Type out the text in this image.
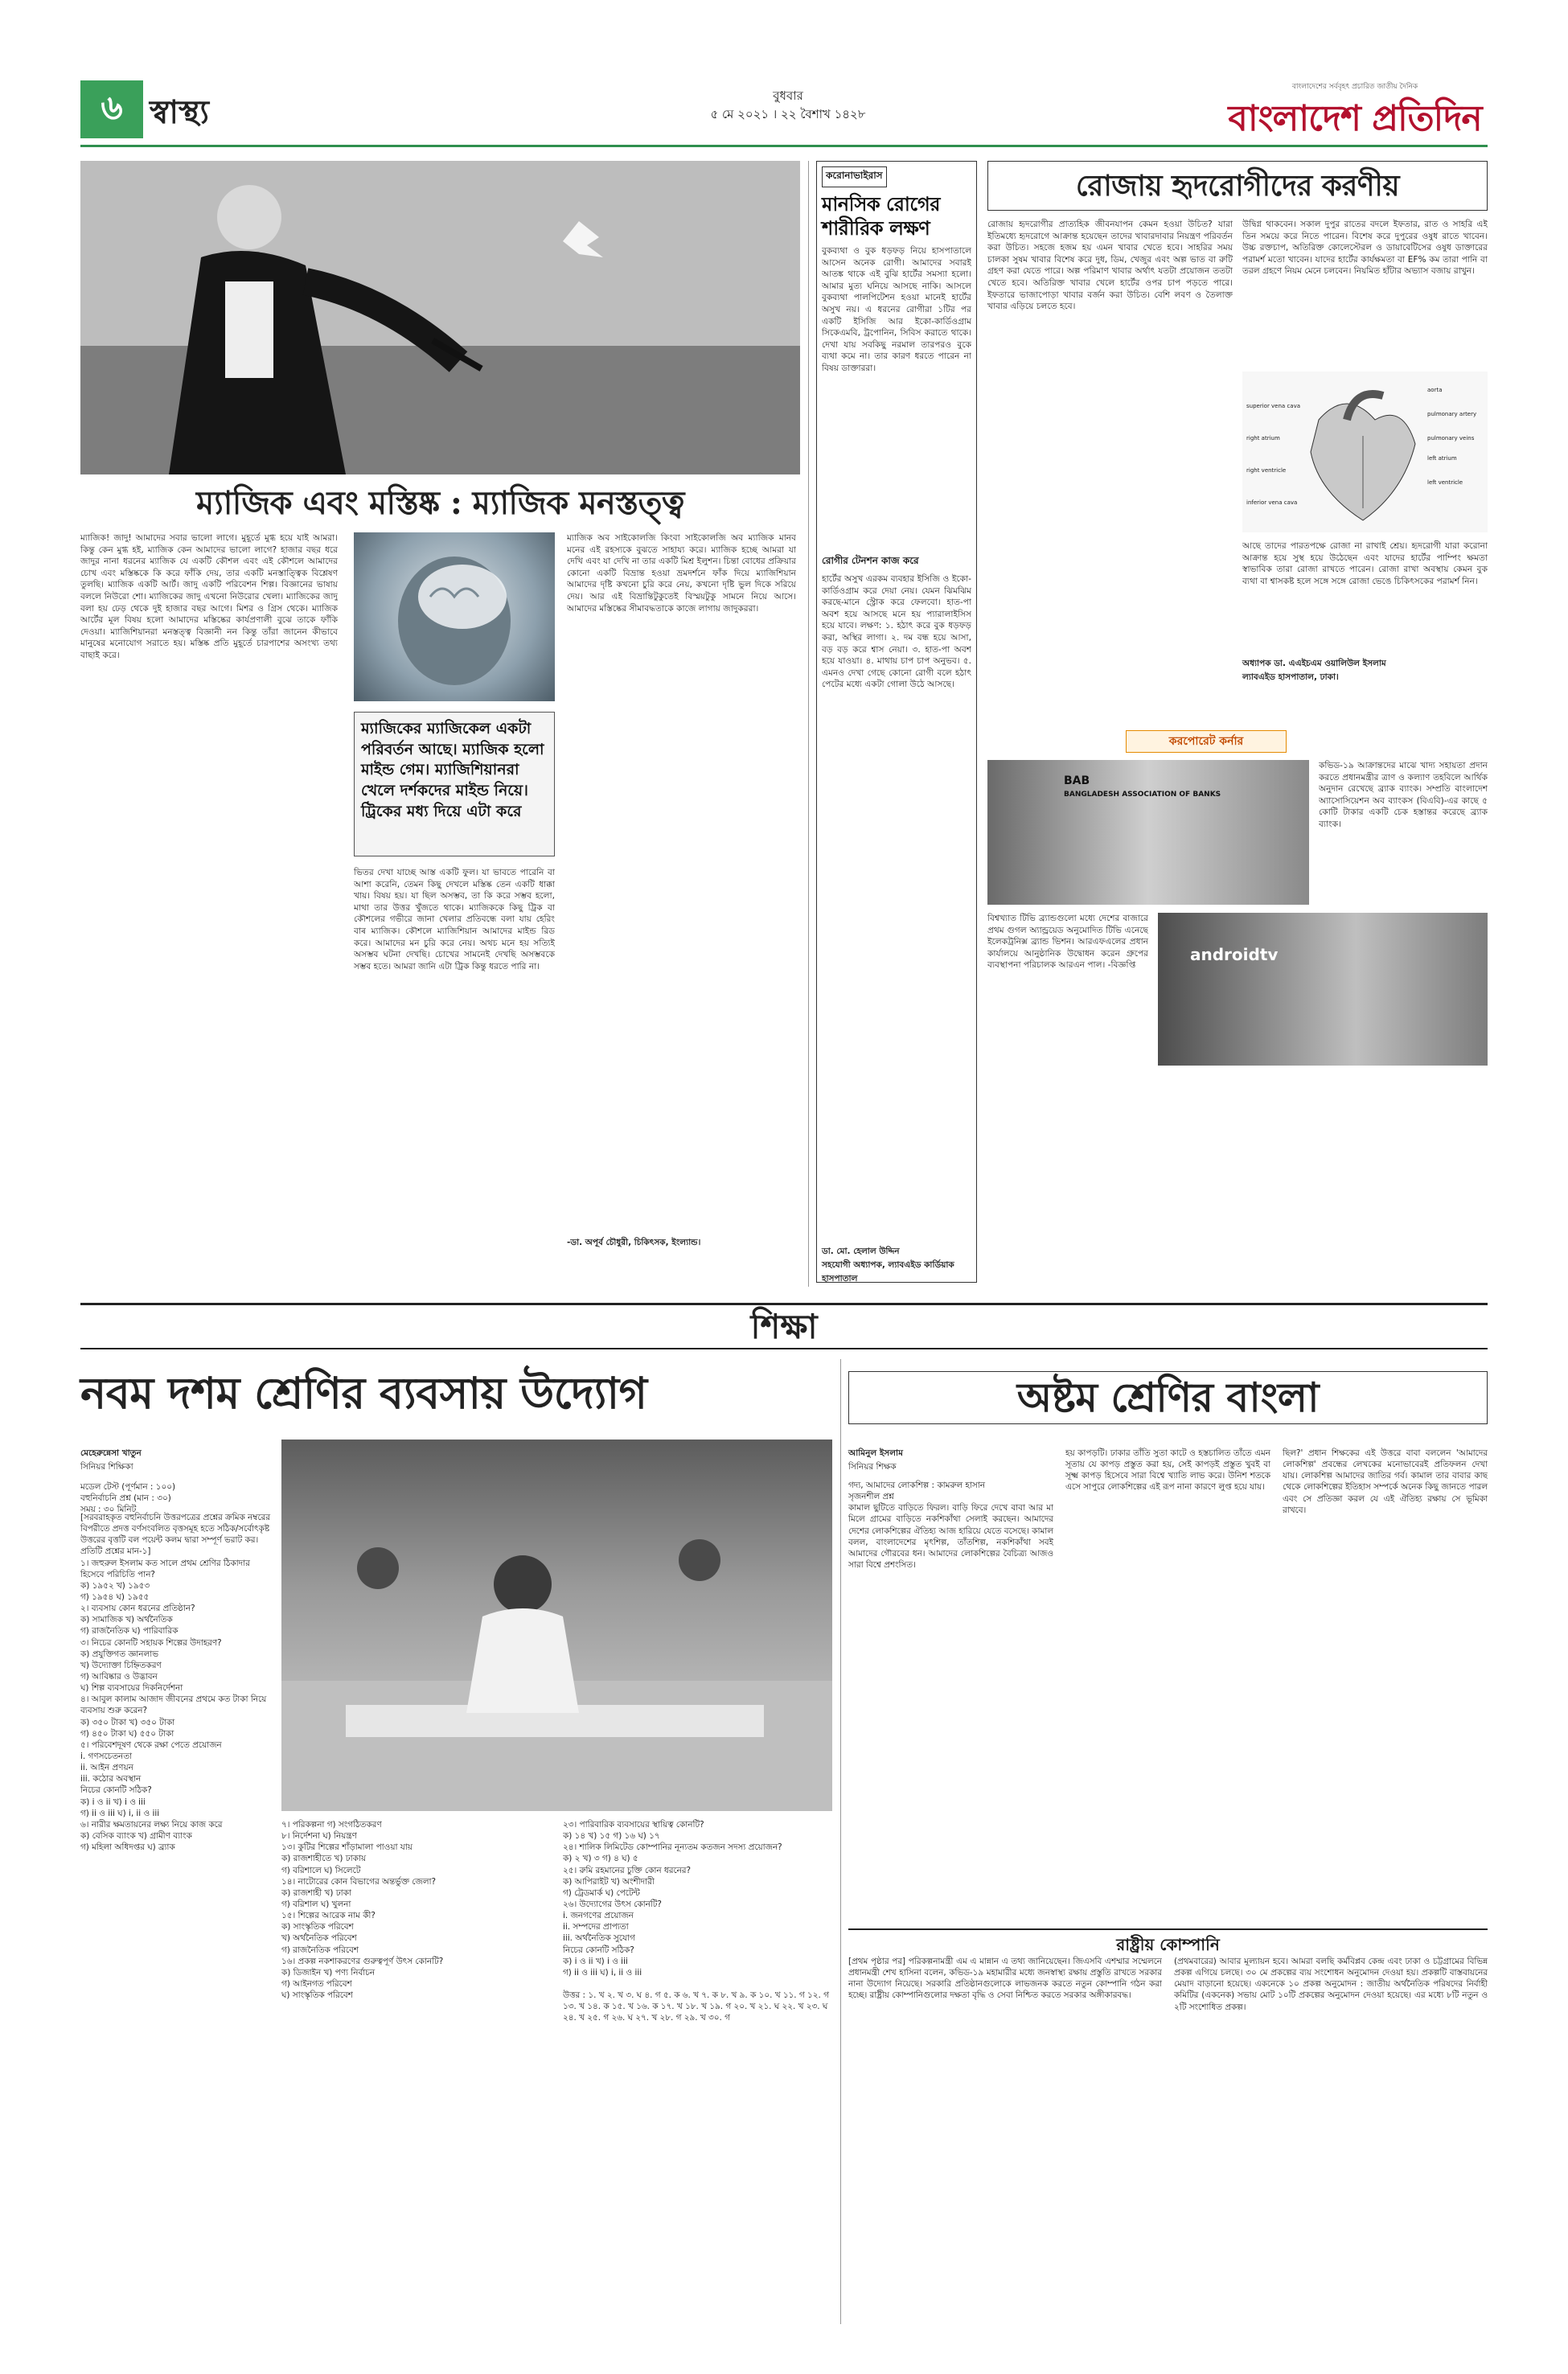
৬ স্বাস্থ্য	বুধবার
৫ মে ২০২১ । ২২ বৈশাখ ১৪২৮
বাংলাদেশের সর্ববৃহৎ প্রচারিত জাতীয় দৈনিক
বাংলাদেশ প্রতিদিন
ম্যাজিক এবং মস্তিষ্ক : ম্যাজিক মনস্তত্ত্ব
ম্যাজিক! জাদু! আমাদের সবার ভালো লাগে। মুহূর্তে মুগ্ধ হয়ে যাই আমরা। কিন্তু কেন মুগ্ধ হই, ম্যাজিক কেন আমাদের ভালো লাগে? হাজার বছর ধরে জাদুর নানা ধরনের ম্যাজিক যে একটি কৌশল এবং এই কৌশলে আমাদের চোখ এবং মস্তিষ্ককে কি করে ফাঁকি দেয়, তার একটি মনস্তাত্ত্বিক বিশ্লেষণ তুলছি। ম্যাজিক একটি আর্ট। জাদু একটি পরিবেশন শিল্প। বিজ্ঞানের ভাষায় বললে নিউরো শো। ম্যাজিকের জাদু এখনো নিউরোর খেলা। ম্যাজিকের জাদু বলা হয় ঢেড় থেকে দুই হাজার বছর আগে। মিশর ও গ্রিস থেকে। ম্যাজিক আর্টের মূল বিষয় হলো আমাদের মস্তিষ্কের কার্যপ্রণালী বুঝে তাকে ফাঁকি দেওয়া। ম্যাজিশিয়ানরা মনস্তত্ত্ব বিজ্ঞানী নন কিন্তু তাঁরা জানেন কীভাবে মানুষের মনোযোগ সরাতে হয়। মস্তিষ্ক প্রতি মুহূর্তে চারপাশের অসংখ্য তথ্য বাছাই করে।
ম্যাজিকের ম্যাজিকেল একটা পরিবর্তন আছে। ম্যাজিক হলো মাইন্ড গেম। ম্যাজিশিয়ানরা খেলে দর্শকদের মাইন্ড নিয়ে। ট্রিকের মধ্য দিয়ে এটা করে
ভিতর দেখা যাচ্ছে আস্ত একটি ফুল। যা ভাবতে পারেনি বা আশা করেনি, তেমন কিছু দেখলে মস্তিষ্ক তেন একটি ধাক্কা খায়। বিষয় হয়। যা ছিল অসম্ভব, তা কি করে সম্ভব হলো, মাথা তার উত্তর খুঁজতে থাকে। ম্যাজিককে কিছু ট্রিক বা কৌশলের গভীরে জানা খেলার প্রতিবন্ধে বলা যায় হেরিং বাৰ ম্যাজিক। কৌশলে ম্যাজিশিয়ান আমাদের মাইন্ড রিড করে। আমাদের মন চুরি করে নেয়। অথচ মনে হয় সত্যিই অসম্ভব ঘটনা দেখছি। চোখের সামনেই দেখছি অসম্ভবকে সম্ভব হতে। আমরা জানি এটা ট্রিক কিন্তু ধরতে পারি না।
ম্যাজিক অব সাইকোলজি কিংবা সাইকোলজি অব ম্যাজিক মানব মনের এই রহস্যকে বুঝতে সাহায্য করে। ম্যাজিক হচ্ছে আমরা যা দেখি এবং যা দেখি না তার একটি মিশ্র ইলুশন। চিন্তা বোধের প্রক্রিয়ার কোনো একটি বিভ্রান্ত হওয়া ভ্রমদর্শনে ফাঁক দিয়ে ম্যাজিশিয়ান আমাদের দৃষ্টি কখনো চুরি করে নেয়, কখনো দৃষ্টি ভুল দিকে সরিয়ে দেয়। আর এই বিভ্রান্তিটুকুতেই বিস্ময়টুকু সামনে নিয়ে আসে। আমাদের মস্তিষ্কের সীমাবদ্ধতাকে কাজে লাগায় জাদুকররা।
-ডা. অপূর্ব চৌধুরী, চিকিৎসক, ইংল্যান্ড।
করোনাভাইরাস
মানসিক রোগের শারীরিক লক্ষণ
বুকব্যথা ও বুক ধড়ফড় নিয়ে হাসপাতালে আসেন অনেক রোগী। আমাদের সবারই আতঙ্ক থাকে এই বুঝি হার্টের সমস্যা হলো। আমার মুত্য ঘনিয়ে আসছে নাকি। আসলে বুকব্যথা পালপিটেশন হওয়া মানেই হার্টের অসুখ নয়। এ ধরনের রোগীরা ১টির পর একটি ইসিজি আর ইকো-কার্ডিওগ্রাম সিকেএমবি, ট্রপোনিন, সিবিস করাতে থাকে। দেখা যায় সবকিছু নরমাল তারপরও বুকে ব্যথা কমে না। তার কারণ ধরতে পারেন না বিষয় ডাক্তাররা।
রোগীর টেনশন কাজ করে
হার্টের অসুখ এরকম ব্যবহার ইসিজি ও ইকো-কার্ডিওগ্রাম করে দেয়া নেয়। যেমন ঝিমঝিম করছে-মানে স্ট্রোক করে ফেলবো। হাত-পা অবশ হয়ে আসছে মনে হয় প্যারালাইসিস হয়ে যাবে। লক্ষণ: ১. হঠাৎ করে বুক ধড়ফড় করা, অস্থির লাগা। ২. দম বন্ধ হয়ে আসা, বড় বড় করে শ্বাস নেয়া। ৩. হাত-পা অবশ হয়ে যাওয়া। ৪. মাথায় চাপ চাপ অনুভব। ৫. এমনও দেখা গেছে কোনো রোগী বলে হঠাৎ পেটের মধ্যে একটা গোলা উঠে আসছে।
ডা. মো. হেলাল উদ্দিন
সহযোগী অধ্যাপক, ল্যাবএইড কার্ডিয়াক হাসপাতাল
রোজায় হৃদরোগীদের করণীয়
রোজায় হৃদরোগীর প্রাত্যহিক জীবনযাপন কেমন হওয়া উচিত? যারা ইতিমধ্যে হৃদরোগে আক্রান্ত হয়েছেন তাদের খাবারদাবার নিয়ন্ত্রণ পরিবর্তন করা উচিত। সহজে হজম হয় এমন খাবার খেতে হবে। সাহরির সময় চালকা সুষম খাবার বিশেষ করে দুধ, ডিম, খেজুর এবং অল্প ভাত বা রুটি গ্রহণ করা যেতে পারে। অল্প পরিমাণ খাবার অর্থাৎ যতটা প্রয়োজন ততটা খেতে হবে। অতিরিক্ত খাবার খেলে হার্টের ওপর চাপ পড়তে পারে। ইফতারে ভাজাপোড়া খাবার বর্জন করা উচিত। বেশি লবণ ও তৈলাক্ত খাবার এড়িয়ে চলতে হবে।
উদ্বিগ্ন থাকবেন। সকাল দুপুর রাতের বদলে ইফতার, রাত ও সাহরি এই তিন সময়ে করে নিতে পারেন। বিশেষ করে দুপুরের ওষুধ রাতে খাবেন। উচ্চ রক্তচাপ, অতিরিক্ত কোলেস্টেরল ও ডায়াবেটিসের ওষুধ ডাক্তারের পরামর্শ মতো খাবেন। যাদের হার্টের কার্যক্ষমতা বা EF% কম তারা পানি বা তরল গ্রহণে নিয়ম মেনে চলবেন। নিয়মিত হাঁটার অভ্যাস বজায় রাখুন।
aorta
superior vena cava
pulmonary artery
right atrium	pulmonary veins
left atrium
right ventricle
left ventricle
inferior vena cava
আছে তাদের পারতপক্ষে রোজা না রাখাই শ্রেয়। হৃদরোগী যারা করোনা আক্রান্ত হয়ে সুস্থ হয়ে উঠেছেন এবং যাদের হার্টের পাম্পিং ক্ষমতা স্বাভাবিক তারা রোজা রাখতে পারেন। রোজা রাখা অবস্থায় কেমন বুক ব্যথা বা শ্বাসকষ্ট হলে সঙ্গে সঙ্গে রোজা ভেঙে চিকিৎসকের পরামর্শ নিন।
অধ্যাপক ডা. এএইচএম ওয়ালিউল ইসলাম
ল্যাবএইড হাসপাতাল, ঢাকা।
করপোরেট কর্নার
BAB
BANGLADESH ASSOCIATION OF BANKS
কভিড-১৯ আক্রান্তদের মাঝে খাদ্য সহায়তা প্রদান করতে প্রধানমন্ত্রীর ত্রাণ ও কল্যাণ তহবিলে আর্থিক অনুদান রেখেছে ব্র্যাক ব্যাংক। সম্প্রতি বাংলাদেশ অ্যাসোসিয়েশন অব ব্যাংকস (বিএবি)-এর কাছে ৫ কোটি টাকার একটি চেক হস্তান্তর করেছে ব্র্যাক ব্যাংক।
বিশ্বখ্যাত টিভি ব্র্যান্ডগুলো মধ্যে দেশের বাজারে প্রথম গুগল অ্যান্ড্রয়েড অনুমোদিত টিভি এনেছে ইলেকট্রনিক্স ব্র্যান্ড ভিশন। আরএফএলের প্রধান কার্যালয়ে আনুষ্ঠানিক উদ্বোধন করেন গ্রুপের ব্যবস্থাপনা পরিচালক আরএন পাল। -বিজ্ঞপ্তি
androidtv
শিক্ষা
নবম দশম শ্রেণির ব্যবসায় উদ্যোগ
মেহেরুন্নেসা খাতুন
সিনিয়র শিক্ষিকা
মডেল টেস্ট (পূর্ণমান : ১০০)
বহুনির্বাচনি প্রশ্ন (মান : ৩০)
সময় : ৩০ মিনিট
[সরবরাহকৃত বহুনির্বাচনি উত্তরপত্রের প্রশ্নের ক্রমিক নম্বরের বিপরীতে প্রদত্ত বর্ণসংবলিত বৃত্তসমূহ হতে সঠিক/সর্বোৎকৃষ্ট উত্তরের বৃত্তটি বল পয়েন্ট কলম দ্বারা সম্পূর্ণ ভরাট কর। প্রতিটি প্রশ্নের মান-১]
১। জহুরুল ইসলাম কত সালে প্রথম শ্রেণির ঠিকাদার হিসেবে পরিচিতি পান?
ক) ১৯৫২ খ) ১৯৫৩
গ) ১৯৫৪ ঘ) ১৯৫৫
২। ব্যবসায় কোন ধরনের প্রতিষ্ঠান?
ক) সামাজিক খ) অর্থনৈতিক
গ) রাজনৈতিক ঘ) পারিবারিক
৩। নিচের কোনটি সহায়ক শিল্পের উদাহরণ?
ক) প্রযুক্তিগত জ্ঞানলাভ
খ) উদ্যোক্তা চিহ্নিতকরণ
গ) আবিষ্কার ও উদ্ভাবন
ঘ) শিল্প ব্যবসায়ের দিকনির্দেশনা
৪। আবুল কালাম আজাদ জীবনের প্রথমে কত টাকা নিয়ে ব্যবসায় শুরু করেন?
ক) ৩৫০ টাকা খ) ৩৫০ টাকা
গ) ৪৫০ টাকা ঘ) ৫৫০ টাকা
৫। পরিবেশদূষণ থেকে রক্ষা পেতে প্রয়োজন
i. গণসচেতনতা
ii. আইন প্রণয়ন
iii. কঠোর অবস্থান
নিচের কোনটি সঠিক?
ক) i ও ii খ) i ও iii
গ) ii ও iii ঘ) i, ii ও iii
৬। নারীর ক্ষমতায়নের লক্ষ্য নিয়ে কাজ করে
ক) বেসিক ব্যাংক খ) গ্রামীণ ব্যাংক
গ) মহিলা অধিদপ্তর ঘ) ব্র্যাক
৭। পরিকল্পনা গ) সংগঠিতকরণ
৮। নির্দেশনা ঘ) নিয়ন্ত্রণ
১৩। কুটির শিল্পের শাঁড়ামালা পাওয়া যায়
ক) রাজশাহীতে খ) ঢাকায়
গ) বরিশালে ঘ) সিলেটে
১৪। নাটোরের কোন বিভাগের অন্তর্ভুক্ত জেলা?
ক) রাজশাহী খ) ঢাকা
গ) বরিশাল ঘ) খুলনা
১৫। শিল্পের আরেক নাম কী?
ক) সাংস্কৃতিক পরিবেশ
খ) অর্থনৈতিক পরিবেশ
গ) রাজনৈতিক পরিবেশ
১৬। প্রকল্প নকশাকরণের গুরুত্বপূর্ণ উৎস কোনটি?
ক) ডিজাইন খ) পণ্য নির্বাচন
গ) আইনগত পরিবেশ
ঘ) সাংস্কৃতিক পরিবেশ
২৩। পারিবারিক ব্যবসায়ের স্থায়িত্ব কোনটি?
ক) ১৪ খ) ১৫ গ) ১৬ ঘ) ১৭
২৪। শালিক লিমিটেড কোম্পানির নূন্যতম কতজন সদস্য প্রয়োজন?
ক) ২ খ) ৩ গ) ৪ ঘ) ৫
২৫। রুমি রহমানের চুক্তি কোন ধরনের?
ক) আপিরাইট খ) অংশীদারী
গ) ট্রেডমার্ক ঘ) পেটেন্ট
২৬। উদ্যোগের উৎস কোনটি?
i. জনগণের প্রয়োজন
ii. সম্পদের প্রাপ্যতা
iii. অর্থনৈতিক সুযোগ
নিচের কোনটি সঠিক?
ক) i ও ii খ) i ও iii
গ) ii ও iii ঘ) i, ii ও iii

উত্তর : ১. খ ২. খ ৩. ঘ ৪. গ ৫. ক ৬. খ ৭. ক ৮. খ ৯. ক ১০. খ ১১. গ ১২. গ ১৩. খ ১৪. ক ১৫. খ ১৬. ক ১৭. খ ১৮. খ ১৯. গ ২০. খ ২১. ঘ ২২. খ ২৩. ঘ ২৪. খ ২৫. গ ২৬. ঘ ২৭. খ ২৮. গ ২৯. খ ৩০. গ
অষ্টম শ্রেণির বাংলা
আমিনুল ইসলাম
সিনিয়র শিক্ষক
গদ্য, আমাদের লোকশিল্প : কামরুল হাসান
সৃজনশীল প্রশ্ন
কামাল ছুটিতে বাড়িতে ফিরল। বাড়ি ফিরে দেখে বাবা আর মা মিলে গ্রামের বাড়িতে নকশিকাঁথা সেলাই করছেন। আমাদের দেশের লোকশিল্পের ঐতিহ্য আজ হারিয়ে যেতে বসেছে। কামাল বলল, বাংলাদেশের মৃৎশিল্প, তাঁতশিল্প, নকশিকাঁথা সবই আমাদের গৌরবের ধন। আমাদের লোকশিল্পের বৈচিত্র্য আজও সারা বিশ্বে প্রশংসিত।
হয় কাপড়টি। ঢাকার তাঁতি সুতা কাটে ও হস্তচালিত তাঁতে এমন সূতায় যে কাপড় প্রস্তুত করা হয়, সেই কাপড়ই প্রস্তুত খুবই বা সূক্ষ্ম কাপড় হিসেবে সারা বিশ্বে খ্যাতি লাভ করে। উনিশ শতকে এসে সাপুরে লোকশিল্পের এই রূপ নানা কারণে লুপ্ত হয়ে যায়।
ছিল?' প্রধান শিক্ষকের এই উত্তরে বাবা বললেন 'আমাদের লোকশিল্প' প্রবন্ধের লেখকের মনোভাবেরই প্রতিফলন দেখা যায়। লোকশিল্প আমাদের জাতির গর্ব। কামাল তার বাবার কাছ থেকে লোকশিল্পের ইতিহাস সম্পর্কে অনেক কিছু জানতে পারল এবং সে প্রতিজ্ঞা করল যে এই ঐতিহ্য রক্ষায় সে ভূমিকা রাখবে।
রাষ্ট্রীয় কোম্পানি
[প্রথম পৃষ্ঠার পর] পরিকল্পনামন্ত্রী এম এ মান্নান এ তথ্য জানিয়েছেন। জিএসবি এশম্মার সম্মেলনে প্রধানমন্ত্রী শেখ হাসিনা বলেন, কভিড-১৯ মহামারীর মধ্যে জনস্বাস্থ্য রক্ষায় প্রস্তুতি রাখতে সরকার নানা উদ্যোগ নিয়েছে। সরকারি প্রতিষ্ঠানগুলোকে লাভজনক করতে নতুন কোম্পানি গঠন করা হচ্ছে। রাষ্ট্রীয় কোম্পানিগুলোর দক্ষতা বৃদ্ধি ও সেবা নিশ্চিত করতে সরকার অঙ্গীকারবদ্ধ।
(প্রথমবারের) আবার মূল্যায়ন হবে। আমরা বলছি কর্মবিপ্লব কেন্দ্র এবং ঢাকা ও চট্টগ্রামের বিভিন্ন প্রকল্প এগিয়ে চলছে। ৩০ মে প্রকল্পের ব্যয় সংশোধন অনুমোদন দেওয়া হয়। প্রকল্পটি বাস্তবায়নের মেয়াদ বাড়ানো হয়েছে। একনেকে ১০ প্রকল্প অনুমোদন : জাতীয় অর্থনৈতিক পরিষদের নির্বাহী কমিটির (একনেক) সভায় মোট ১০টি প্রকল্পের অনুমোদন দেওয়া হয়েছে। এর মধ্যে ৮টি নতুন ও ২টি সংশোধিত প্রকল্প।
